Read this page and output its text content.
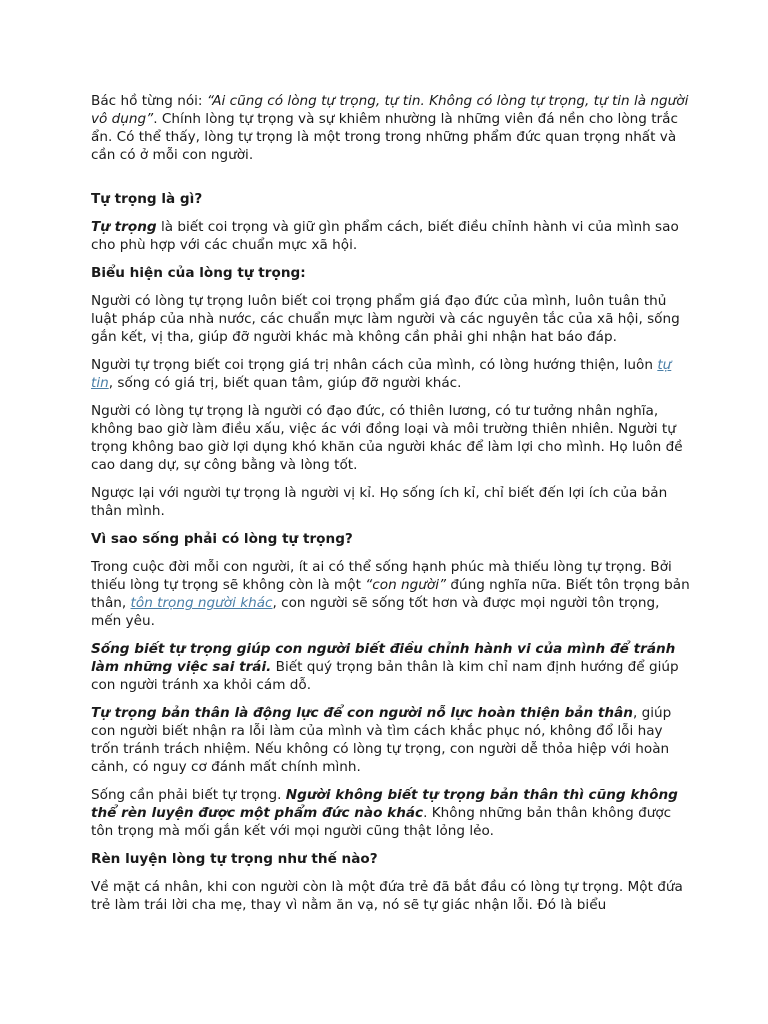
Bác hồ từng nói: “Ai cũng có lòng tự trọng, tự tin. Không có lòng tự trọng, tự tin là người vô dụng”. Chính lòng tự trọng và sự khiêm nhường là những viên đá nền cho lòng trắc ẩn. Có thể thấy, lòng tự trọng là một trong trong những phẩm đức quan trọng nhất và cần có ở mỗi con người.

Tự trọng là gì?

Tự trọng là biết coi trọng và giữ gìn phẩm cách, biết điều chỉnh hành vi của mình sao cho phù hợp với các chuẩn mực xã hội.

Biểu hiện của lòng tự trọng:

Người có lòng tự trọng luôn biết coi trọng phẩm giá đạo đức của mình, luôn tuân thủ luật pháp của nhà nước, các chuẩn mực làm người và các nguyên tắc của xã hội, sống gắn kết, vị tha, giúp đỡ người khác mà không cần phải ghi nhận hat báo đáp.

Người tự trọng biết coi trọng giá trị nhân cách của mình, có lòng hướng thiện, luôn tự tin, sống có giá trị, biết quan tâm, giúp đỡ người khác.

Người có lòng tự trọng là người có đạo đức, có thiên lương, có tư tưởng nhân nghĩa, không bao giờ làm điều xấu, việc ác với đồng loại và môi trường thiên nhiên. Người tự trọng không bao giờ lợi dụng khó khăn của người khác để làm lợi cho mình. Họ luôn đề cao dang dự, sự công bằng và lòng tốt.

Ngược lại với người tự trọng là người vị kỉ. Họ sống ích kỉ, chỉ biết đến lợi ích của bản thân mình.

Vì sao sống phải có lòng tự trọng?

Trong cuộc đời mỗi con người, ít ai có thể sống hạnh phúc mà thiếu lòng tự trọng. Bởi thiếu lòng tự trọng sẽ không còn là một “con người” đúng nghĩa nữa. Biết tôn trọng bản thân, tôn trọng người khác, con người sẽ sống tốt hơn và được mọi người tôn trọng, mến yêu.

Sống biết tự trọng giúp con người biết điều chỉnh hành vi của mình để tránh làm những việc sai trái. Biết quý trọng bản thân là kim chỉ nam định hướng để giúp con người tránh xa khỏi cám dỗ.

Tự trọng bản thân là động lực để con người nỗ lực hoàn thiện bản thân, giúp con người biết nhận ra lỗi làm của mình và tìm cách khắc phục nó, không đổ lỗi hay trốn tránh trách nhiệm. Nếu không có lòng tự trọng, con người dễ thỏa hiệp với hoàn cảnh, có nguy cơ đánh mất chính mình.

Sống cần phải biết tự trọng. Người không biết tự trọng bản thân thì cũng không thể rèn luyện được một phẩm đức nào khác. Không những bản thân không được tôn trọng mà mối gắn kết với mọi người cũng thật lỏng lẻo.

Rèn luyện lòng tự trọng như thế nào?

Về mặt cá nhân, khi con người còn là một đứa trẻ đã bắt đầu có lòng tự trọng. Một đứa trẻ làm trái lời cha mẹ, thay vì nằm ăn vạ, nó sẽ tự giác nhận lỗi. Đó là biểu
